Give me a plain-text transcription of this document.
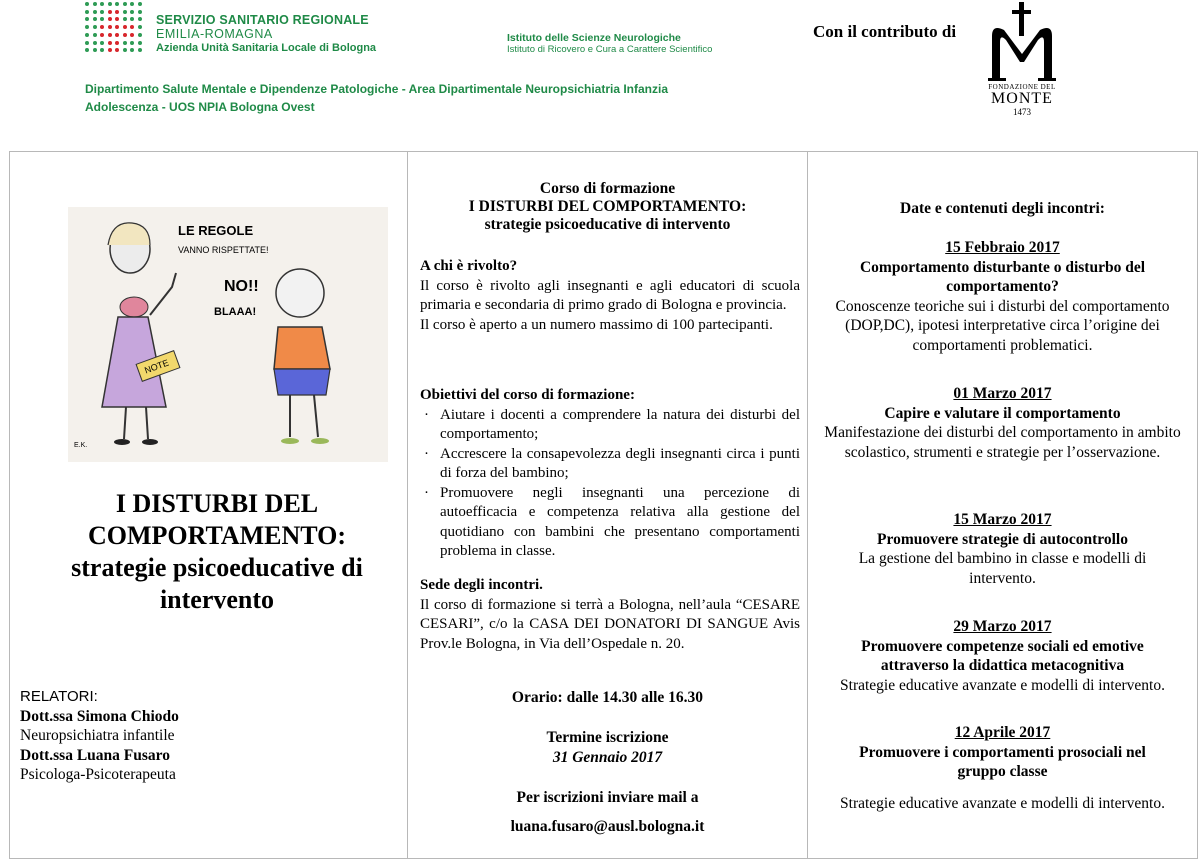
SERVIZIO SANITARIO REGIONALE
EMILIA-ROMAGNA
Azienda Unità Sanitaria Locale di Bologna
Istituto delle Scienze Neurologiche
Istituto di Ricovero e Cura a Carattere Scientifico
Con il contributo di
FONDAZIONE DEL
MONTE
1473
Dipartimento Salute Mentale e Dipendenze Patologiche - Area Dipartimentale Neuropsichiatria Infanzia
Adolescenza - UOS NPIA Bologna Ovest
NOTE
LE REGOLE
VANNO RISPETTATE!
NO!!
BLAAA!
E.K.
I DISTURBI DEL
COMPORTAMENTO:
strategie psicoeducative di
intervento
RELATORI:
Dott.ssa Simona Chiodo
Neuropsichiatra infantile
Dott.ssa Luana Fusaro
Psicologa-Psicoterapeuta
Corso di formazione
I DISTURBI DEL COMPORTAMENTO:
strategie psicoeducative di intervento
A chi è rivolto?
Il corso è rivolto agli insegnanti e agli educatori di scuola primaria e secondaria di primo grado di Bologna e provincia.
Il corso è aperto a un numero massimo di 100 partecipanti.
Obiettivi del corso di formazione:
· Aiutare i docenti a comprendere la natura dei disturbi del comportamento;
· Accrescere la consapevolezza degli insegnanti circa i punti di forza del bambino;
· Promuovere negli insegnanti una percezione di autoefficacia e competenza relativa alla gestione del quotidiano con bambini che presentano comportamenti problema in classe.
Sede degli incontri.
Il corso di formazione si terrà a Bologna, nell’aula “CESARE CESARI”, c/o la CASA DEI DONATORI DI SANGUE Avis Prov.le Bologna, in Via dell’Ospedale n. 20.
Orario: dalle 14.30 alle 16.30
Termine iscrizione
31 Gennaio 2017
Per iscrizioni inviare mail a
luana.fusaro@ausl.bologna.it
Date e contenuti degli incontri:
15 Febbraio 2017
Comportamento disturbante o disturbo del comportamento?
Conoscenze teoriche sui i disturbi del comportamento (DOP,DC), ipotesi interpretative circa l’origine dei comportamenti problematici.
01 Marzo 2017
Capire e valutare il comportamento
Manifestazione dei disturbi del comportamento in ambito scolastico, strumenti e strategie per l’osservazione.
15 Marzo 2017
Promuovere strategie di autocontrollo
La gestione del bambino in classe e modelli di intervento.
29 Marzo 2017
Promuovere competenze sociali ed emotive attraverso la didattica metacognitiva
Strategie educative avanzate e modelli di intervento.
12 Aprile 2017
Promuovere i comportamenti prosociali nel gruppo classe
Strategie educative avanzate e modelli di intervento.
